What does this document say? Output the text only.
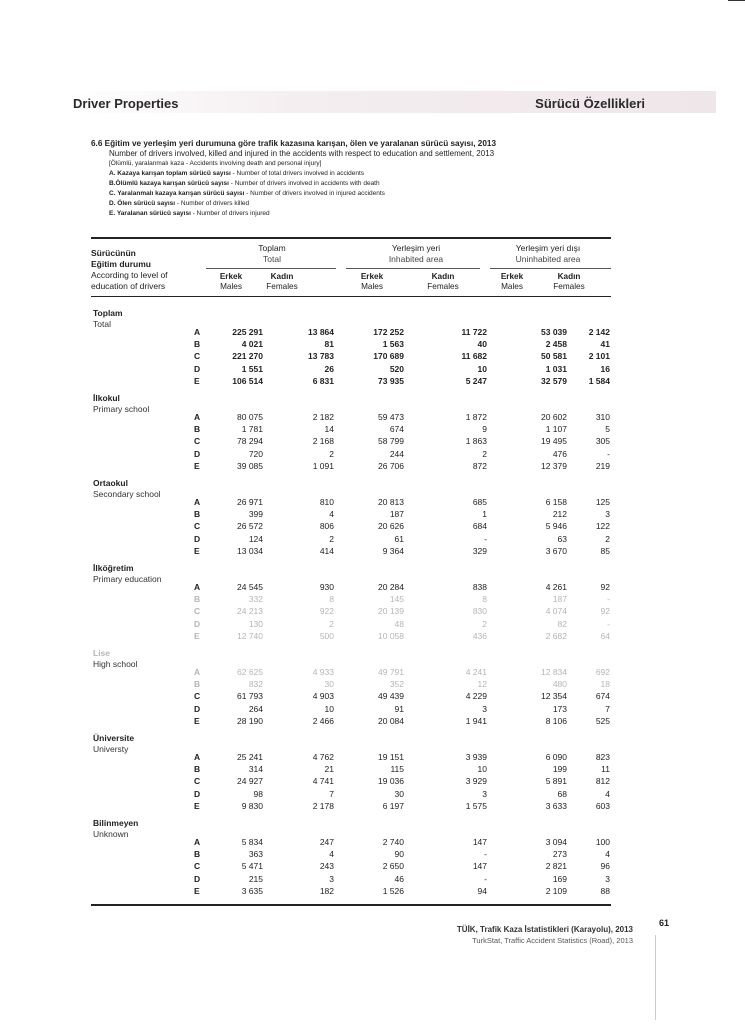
Driver Properties	Sürücü Özellikleri
6.6 Eğitim ve yerleşim yeri durumuna göre trafik kazasına karışan, ölen ve yaralanan sürücü sayısı, 2013
Number of drivers involved, killed and injured in the accidents with respect to education and settlement, 2013
[Ölümlü, yaralanmalı kaza - Accidents involving death and personal injury]
A. Kazaya karışan toplam sürücü sayısı - Number of total drivers involved in accidents
B.Ölümlü kazaya karışan sürücü sayısı - Number of drivers involved in accidents with death
C. Yaralanmalı kazaya karışan sürücü sayısı - Number of drivers involved in injured accidents
D. Ölen sürücü sayısı - Number of drivers killed
E. Yaralanan sürücü sayısı - Number of drivers injured
Sürücünün
Eğitim durumu
According to level of
education of drivers
Toplam
Total
Erkek
Males
Kadın
Females
Yerleşim yeri
Inhabited area
Erkek
Males
Kadın
Females
Yerleşim yeri dışı
Uninhabited area
Erkek
Males
Kadın
Females
Toplam
Total
A
B
C
D
E
225 291
4 021
221 270
1 551
106 514
13 864
81
13 783
26
6 831
172 252
1 563
170 689
520
73 935
11 722
40
11 682
10
5 247
53 039
2 458
50 581
1 031
32 579
2 142
41
2 101
16
1 584
İlkokul
Primary school
A
B
C
D
E
80 075
1 781
78 294
720
39 085
2 182
14
2 168
2
1 091
59 473
674
58 799
244
26 706
1 872
9
1 863
2
872
20 602
1 107
19 495
476
12 379
310
5
305
-
219
Ortaokul
Secondary school
A
B
C
D
E
26 971
399
26 572
124
13 034
810
4
806
2
414
20 813
187
20 626
61
9 364
685
1
684
-
329
6 158
212
5 946
63
3 670
125
3
122
2
85
İlköğretim
Primary education
A
B
C
D
E
24 545
332
24 213
130
12 740
930
8
922
2
500
20 284
145
20 139
48
10 058
838
8
830
2
436
4 261
187
4 074
82
2 682
92
-
92
-
64
Lise
High school
A
B
C
D
E
62 625
832
61 793
264
28 190
4 933
30
4 903
10
2 466
49 791
352
49 439
91
20 084
4 241
12
4 229
3
1 941
12 834
480
12 354
173
8 106
692
18
674
7
525
Üniversite
Universty
A
B
C
D
E
25 241
314
24 927
98
9 830
4 762
21
4 741
7
2 178
19 151
115
19 036
30
6 197
3 939
10
3 929
3
1 575
6 090
199
5 891
68
3 633
823
11
812
4
603
Bilinmeyen
Unknown
A
B
C
D
E
5 834
363
5 471
215
3 635
247
4
243
3
182
2 740
90
2 650
46
1 526
147
-
147
-
94
3 094
273
2 821
169
2 109
100
4
96
3
88
TÜİK, Trafik Kaza İstatistikleri (Karayolu), 2013
TurkStat, Traffic Accident Statistics (Road), 2013
61
